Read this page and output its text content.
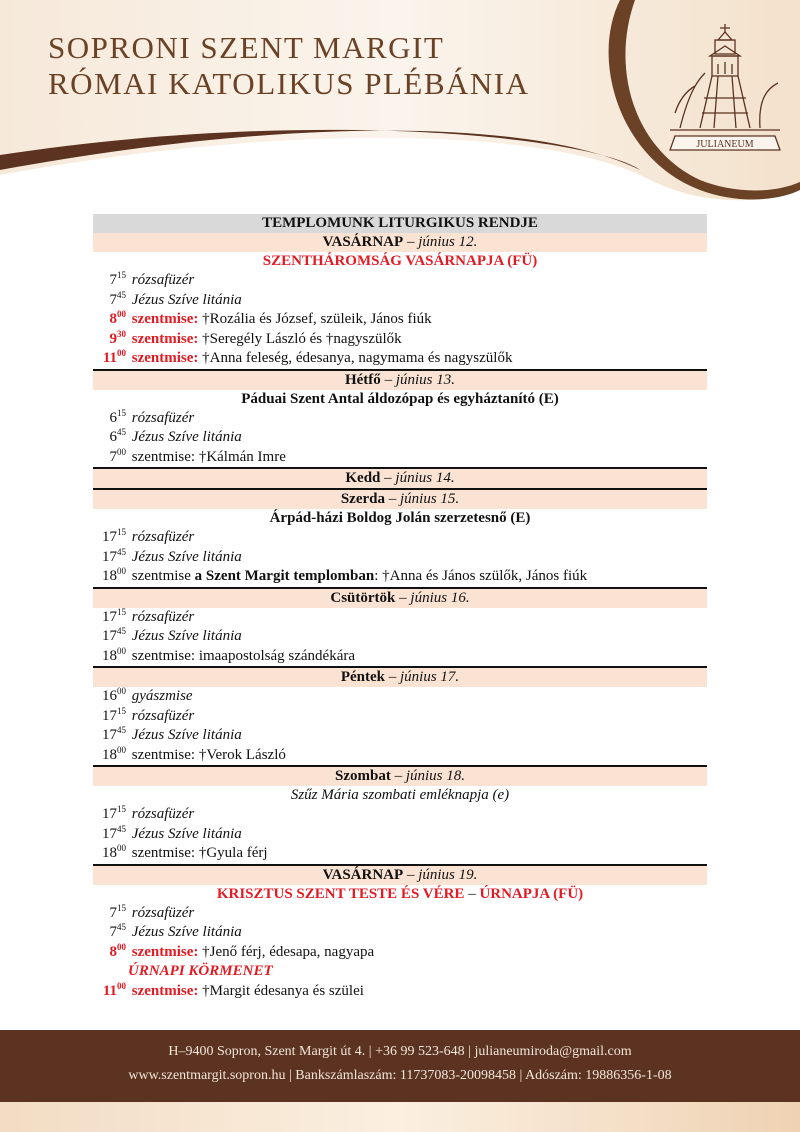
SOPRONI SZENT MARGIT
RÓMAI KATOLIKUS PLÉBÁNIA
JULIANEUM
TEMPLOMUNK LITURGIKUS RENDJE
VASÁRNAP – június 12.
SZENTHÁROMSÁG VASÁRNAPJA (FÜ)
$7^{15}$ rózsafüzér
$7^{45}$ Jézus Szíve litánia
$8^{00}$ szentmise: †Rozália és József, szüleik, János fiúk
$9^{30}$ szentmise: †Seregély László és †nagyszülők
$11^{00}$ szentmise: †Anna feleség, édesanya, nagymama és nagyszülők
Hétfő – június 13.
Páduai Szent Antal áldozópap és egyháztanító (E)
$6^{15}$ rózsafüzér
$6^{45}$ Jézus Szíve litánia
$7^{00}$ szentmise: †Kálmán Imre
Kedd – június 14.
Szerda – június 15.
Árpád-házi Boldog Jolán szerzetesnő (E)
$17^{15}$ rózsafüzér
$17^{45}$ Jézus Szíve litánia
$18^{00}$ szentmise a Szent Margit templomban: †Anna és János szülők, János fiúk
Csütörtök – június 16.
$17^{15}$ rózsafüzér
$17^{45}$ Jézus Szíve litánia
$18^{00}$ szentmise: imaapostolság szándékára
Péntek – június 17.
$16^{00}$ gyászmise
$17^{15}$ rózsafüzér
$17^{45}$ Jézus Szíve litánia
$18^{00}$ szentmise: †Verok László
Szombat – június 18.
Szűz Mária szombati emléknapja (e)
$17^{15}$ rózsafüzér
$17^{45}$ Jézus Szíve litánia
$18^{00}$ szentmise: †Gyula férj
VASÁRNAP – június 19.
KRISZTUS SZENT TESTE ÉS VÉRE – ÚRNAPJA (FÜ)
$7^{15}$ rózsafüzér
$7^{45}$ Jézus Szíve litánia
$8^{00}$ szentmise: †Jenő férj, édesapa, nagyapa
ÚRNAPI KÖRMENET
$11^{00}$ szentmise: †Margit édesanya és szülei
H–9400 Sopron, Szent Margit út 4. | +36 99 523-648 | julianeumiroda@gmail.com
www.szentmargit.sopron.hu | Bankszámlaszám: 11737083-20098458 | Adószám: 19886356-1-08
